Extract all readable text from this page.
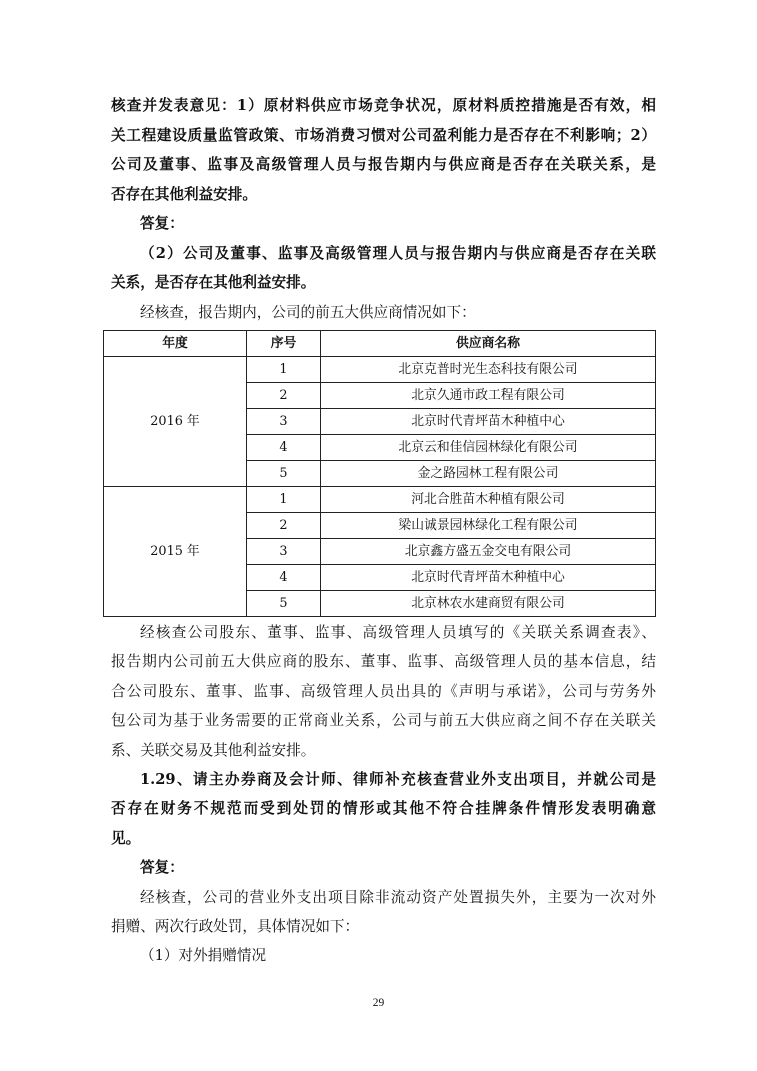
核查并发表意见：1）原材料供应市场竞争状况，原材料质控措施是否有效，相
关工程建设质量监管政策、市场消费习惯对公司盈利能力是否存在不利影响；2）
公司及董事、监事及高级管理人员与报告期内与供应商是否存在关联关系，是
否存在其他利益安排。
答复：
（2）公司及董事、监事及高级管理人员与报告期内与供应商是否存在关联
关系，是否存在其他利益安排。
经核查，报告期内，公司的前五大供应商情况如下：
年度	序号	供应商名称
2016 年	1	北京克普时光生态科技有限公司
	2	北京久通市政工程有限公司
	3	北京时代青坪苗木种植中心
	4	北京云和佳信园林绿化有限公司
	5	金之路园林工程有限公司
2015 年	1	河北合胜苗木种植有限公司
	2	梁山诚景园林绿化工程有限公司
	3	北京鑫方盛五金交电有限公司
	4	北京时代青坪苗木种植中心
	5	北京林农水建商贸有限公司
经核查公司股东、董事、监事、高级管理人员填写的《关联关系调查表》、
报告期内公司前五大供应商的股东、董事、监事、高级管理人员的基本信息，结
合公司股东、董事、监事、高级管理人员出具的《声明与承诺》，公司与劳务外
包公司为基于业务需要的正常商业关系，公司与前五大供应商之间不存在关联关
系、关联交易及其他利益安排。
1.29、请主办券商及会计师、律师补充核查营业外支出项目，并就公司是
否存在财务不规范而受到处罚的情形或其他不符合挂牌条件情形发表明确意
见。
答复：
经核查，公司的营业外支出项目除非流动资产处置损失外，主要为一次对外
捐赠、两次行政处罚，具体情况如下：
（1）对外捐赠情况
29
